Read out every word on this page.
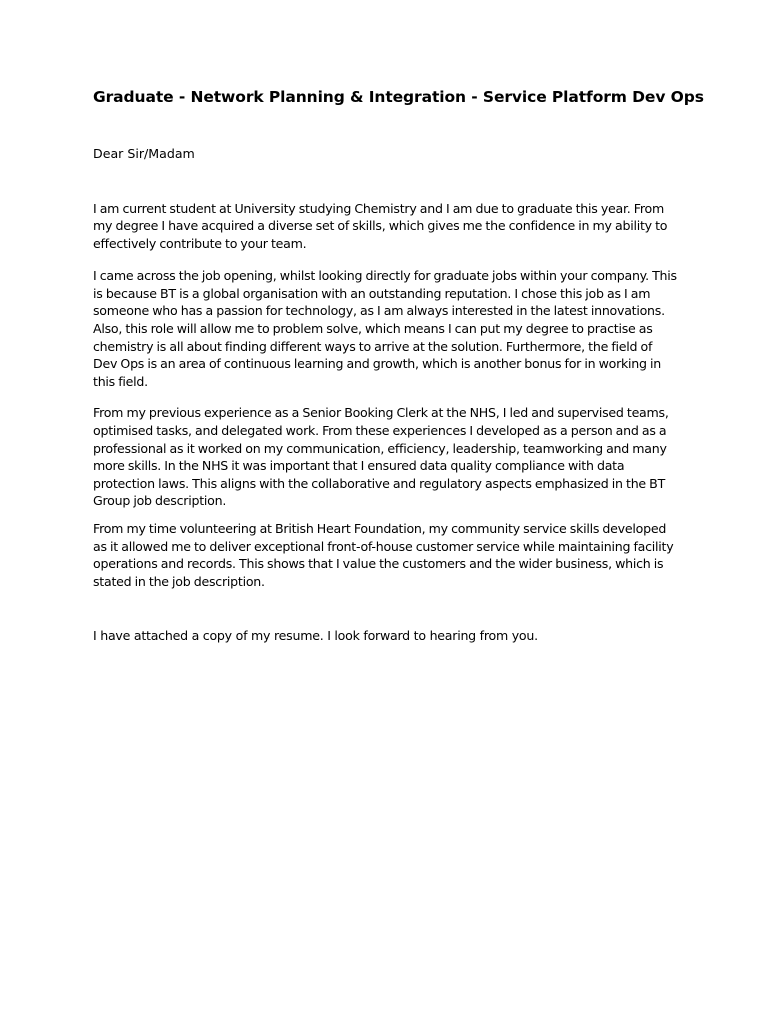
Graduate - Network Planning & Integration - Service Platform Dev Ops

Dear Sir/Madam

I am current student at University studying Chemistry and I am due to graduate this year. From my degree I have acquired a diverse set of skills, which gives me the confidence in my ability to effectively contribute to your team.

I came across the job opening, whilst looking directly for graduate jobs within your company. This is because BT is a global organisation with an outstanding reputation. I chose this job as I am someone who has a passion for technology, as I am always interested in the latest innovations. Also, this role will allow me to problem solve, which means I can put my degree to practise as chemistry is all about finding different ways to arrive at the solution. Furthermore, the field of Dev Ops is an area of continuous learning and growth, which is another bonus for in working in this field.

From my previous experience as a Senior Booking Clerk at the NHS, I led and supervised teams, optimised tasks, and delegated work. From these experiences I developed as a person and as a professional as it worked on my communication, efficiency, leadership, teamworking and many more skills. In the NHS it was important that I ensured data quality compliance with data protection laws. This aligns with the collaborative and regulatory aspects emphasized in the BT Group job description.

From my time volunteering at British Heart Foundation, my community service skills developed as it allowed me to deliver exceptional front-of-house customer service while maintaining facility operations and records. This shows that I value the customers and the wider business, which is stated in the job description.

I have attached a copy of my resume. I look forward to hearing from you.
